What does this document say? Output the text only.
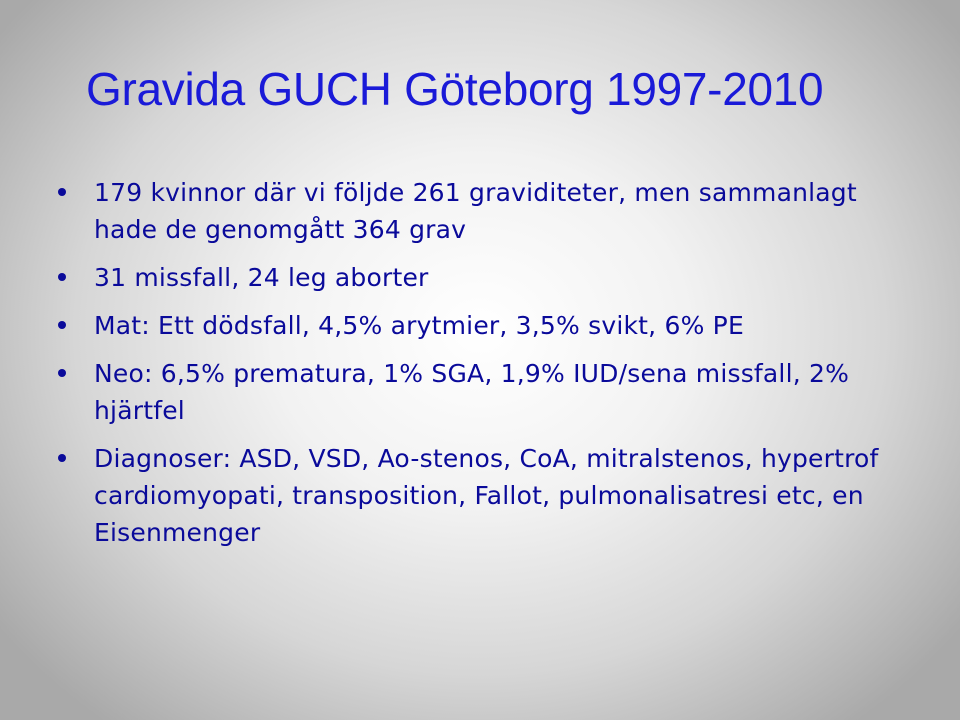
Gravida GUCH Göteborg 1997-2010
179 kvinnor där vi följde 261 graviditeter, men sammanlagt hade de genomgått 364 grav
31 missfall, 24 leg aborter
Mat: Ett dödsfall, 4,5% arytmier, 3,5% svikt, 6% PE
Neo: 6,5% prematura, 1% SGA, 1,9% IUD/sena missfall, 2% hjärtfel
Diagnoser: ASD, VSD, Ao-stenos, CoA, mitralstenos, hypertrof cardiomyopati, transposition, Fallot, pulmonalisatresi etc, en Eisenmenger
